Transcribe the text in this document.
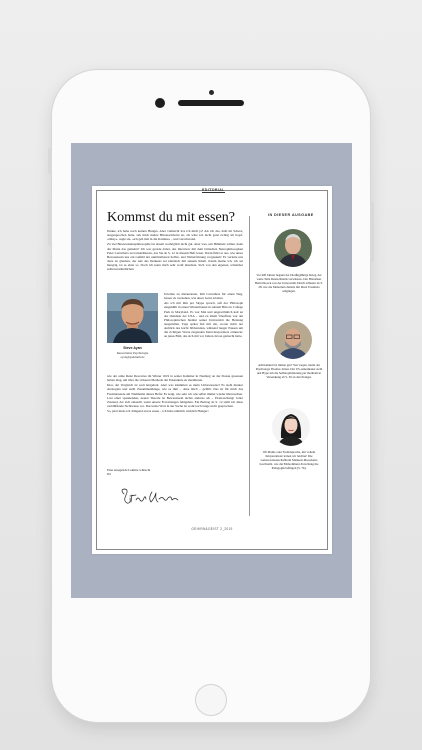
EDITORIAL
Kommst du mit essen?	IN DIESER AUSGABE

Danke, ich habe noch keinen Hunger. Aber vielleicht irre ich mich ja? Als ich das, halb im Scherz, ausgesprochen hatte, sah mich meine Büronachbarin an, als wäre ich nicht ganz richtig im Kopf. »Okay«, sagte sie, »ich geh mal in die Kantine« – und verschwand.

Zu viel Bewusstseinsphilosophie tut einem womöglich nicht gut. Aber was, um Himmels willen, hatte der Mann das gemeint? Ich war gerade dabei, das Interview mit dem britischen Neurophilosophen Peter Carruthers zu transkribieren, das Sie ab S. 12 in diesem Heft lesen. Darin führt er aus, wie unser Bewusstsein uns ein Gefühl der unmittelbaren Selbst- und Welterfahrung vorgaukelt: Es verleite uns dazu zu glauben, der Akt des Denkens sei identisch mit seinem Inhalt. Kaum meine ich, ich sei hungrig, ist es eben so. Doch ich kann mich sehr wohl täuschen. Sich von den eigenen, scheinbar selbstverständlichen

Steve Ayan
Ressortleiter Psychologie
ayan@spektrum.de

Urteilen zu distanzieren, hält Carruthers für einen Weg, besser zu verstehen, wie unser Geist arbeitet.

Als ich mit ihm per Skype sprach, saß der Philosoph eingehüllt in einen Wintermantel in seinem Büro in College Park in Maryland. Es war Mai und ungewöhnlich kalt an der Ostküste der USA – und zu allem Überfluss war am Philosophischen Institut seiner Universität die Heizung ausgefallen. Tage später fiel mir ein, woran mich der Anblick des leicht bibbernden, während langer Pausen um die richtigen Worte ringenden Interviewpartners erinnerte: an jenes Bild, das sich mir vor Jahren davon gemacht hatte,

wie der arme René Descartes im Winter 1619 in seiner Kammer in Neuburg an der Donau gesessen haben mag, um über die sicheren Methode der Erkenntnis zu meditieren.

Klar, der Vergleich ist weit hergeholt. Aber was klammert es mein Unbewusstes? Es sieht munter Analogien und stellt Zusammenhänge, wie es ihm – ohne mich – gefällt. Das ist für mich das Faszinierende am Titelthema dieses Hefts: Es zeigt, wie sehr wir uns selbst immer wieder überraschen. Last einer spannenden, neuen Theorie ist Bewusstsein nichts anderes als – Überraschung! Jeder Zustand, der sich einstellt, wenn unsere Erwartungen fehlgehen. Ein Beitrag ab S. 12 stellt ich diese verblüffende Sichtweise vor. Das letzte Wort in der Sache ist wohl noch lange nicht gesprochen.

So, jetzt muss ich dringend etwas essen – ich habe nämlich wirklich Hunger!

Eine anregende Lektüre wünscht
Ihr
Vor 400 Jahren begann der Dreißigjährige Krieg, der weite Teile Deutschlands verwüstete. Der Historiker Bernd Roeck von der Universität Zürich erläutert ab S. 28, wie die Menschen damals mit ihren Traumata umgingen.
Achtsamkeit ist immer gut? Von wegen, meint der Psychologe Thomas Joiner. Der US-Amerikaner stellt den Hype um die Selbstoptimierung per meditativer Versenkung ab S. 36 an den Pranger.
Oft Mathe oder Fremdsprache, mit vollem Körpereinsatz lernen wir leichter! Die Geisteswissenschaftlerin Manuela Macedonia beschreibt, wie die Embodiment-Forschung die Pädagogik beflügelt (S. 76).
GEHIRN&GEIST 2_2019
